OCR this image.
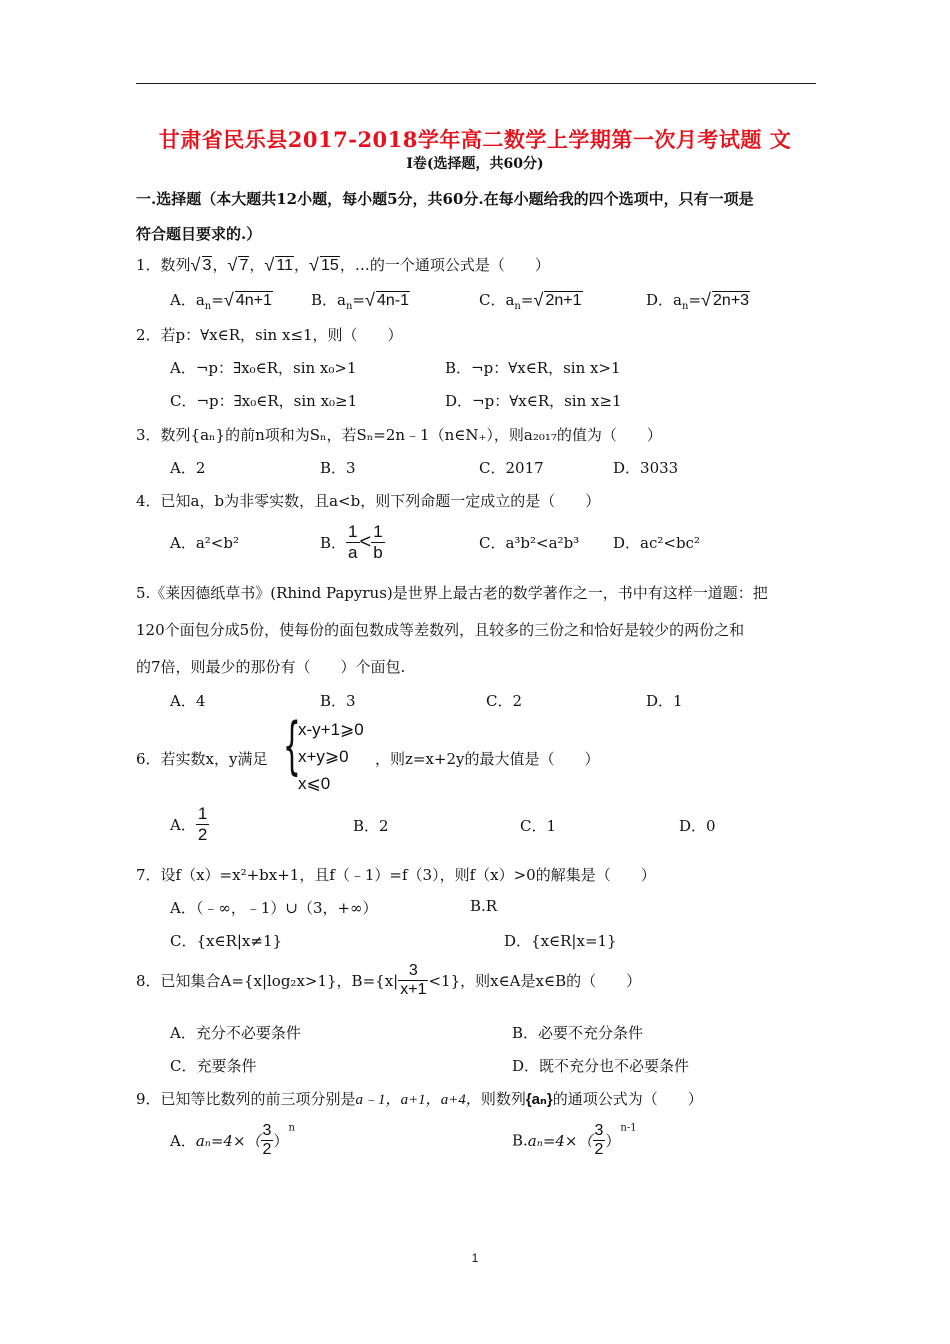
甘肃省民乐县2017-2018学年高二数学上学期第一次月考试题 文
I卷(选择题，共60分)
一.选择题（本大题共12小题，每小题5分，共60分.在每小题给我的四个选项中，只有一项是
符合题目要求的.）
1．数列 √ 3， √ 7， √ 11， √ 15，…的一个通项公式是（　　）
A．$a_n=$ √ 4n+1	B．$a_n=$ √ 4n-1	C．$a_n=$ √ 2n+1	D．$a_n=$ √ 2n+3
2．若p：∀x∈R，sin x≤1，则（　　）
A．¬p：∃x₀∈R，sin x₀>1	B．¬p：∀x∈R，sin x>1
C．¬p：∃x₀∈R，sin x₀≥1	D．¬p：∀x∈R，sin x≥1
3．数列{aₙ}的前n项和为Sₙ，若Sₙ=2n﹣1（n∈N₊），则a₂₀₁₇的值为（　　）
A．2	B．3	C．2017	D．3033
4．已知a，b为非零实数，且a<b，则下列命题一定成立的是（　　）
A．a²<b²	B． $\frac{1}{a} < \frac{1}{b}$	C．a³b²<a²b³ D．ac²<bc²
5.《莱因德纸草书》(Rhind Papyrus)是世界上最古老的数学著作之一，书中有这样一道题：把
120个面包分成5份，使每份的面包数成等差数列，且较多的三份之和恰好是较少的两份之和
的7倍，则最少的那份有（　　）个面包.
A．4	B．3	C．2	D．1
6．若实数x，y满足 {
x-y+1⩾0
x+y⩾0
x⩽0
，则z=x+2y的最大值是（　　）
A． $\frac{1}{2}$	B．2	C．1	D．0
7．设f（x）=x²+bx+1，且f（﹣1）=f（3），则f（x）>0的解集是（　　）
A．（﹣∞，﹣1）∪（3，+∞）	B.R
C．{x∈R|x≠1}	D．{x∈R|x=1}
8．已知集合A={x|log₂x>1}，$B=\{x| \frac{3}{x+1} <1\}$，则x∈A是x∈B的（　　）
A．充分不必要条件	B．必要不充分条件
C．充要条件	D．既不充分也不必要条件
9．已知等比数列的前三项分别是a﹣1，a+1，a+4，则数列{aₙ}的通项公式为（　　）
A．$a_n=4\times( \frac{3}{2} )^n$
$B.a_n=4\times( \frac{3}{2} )^{n-1}$
1
